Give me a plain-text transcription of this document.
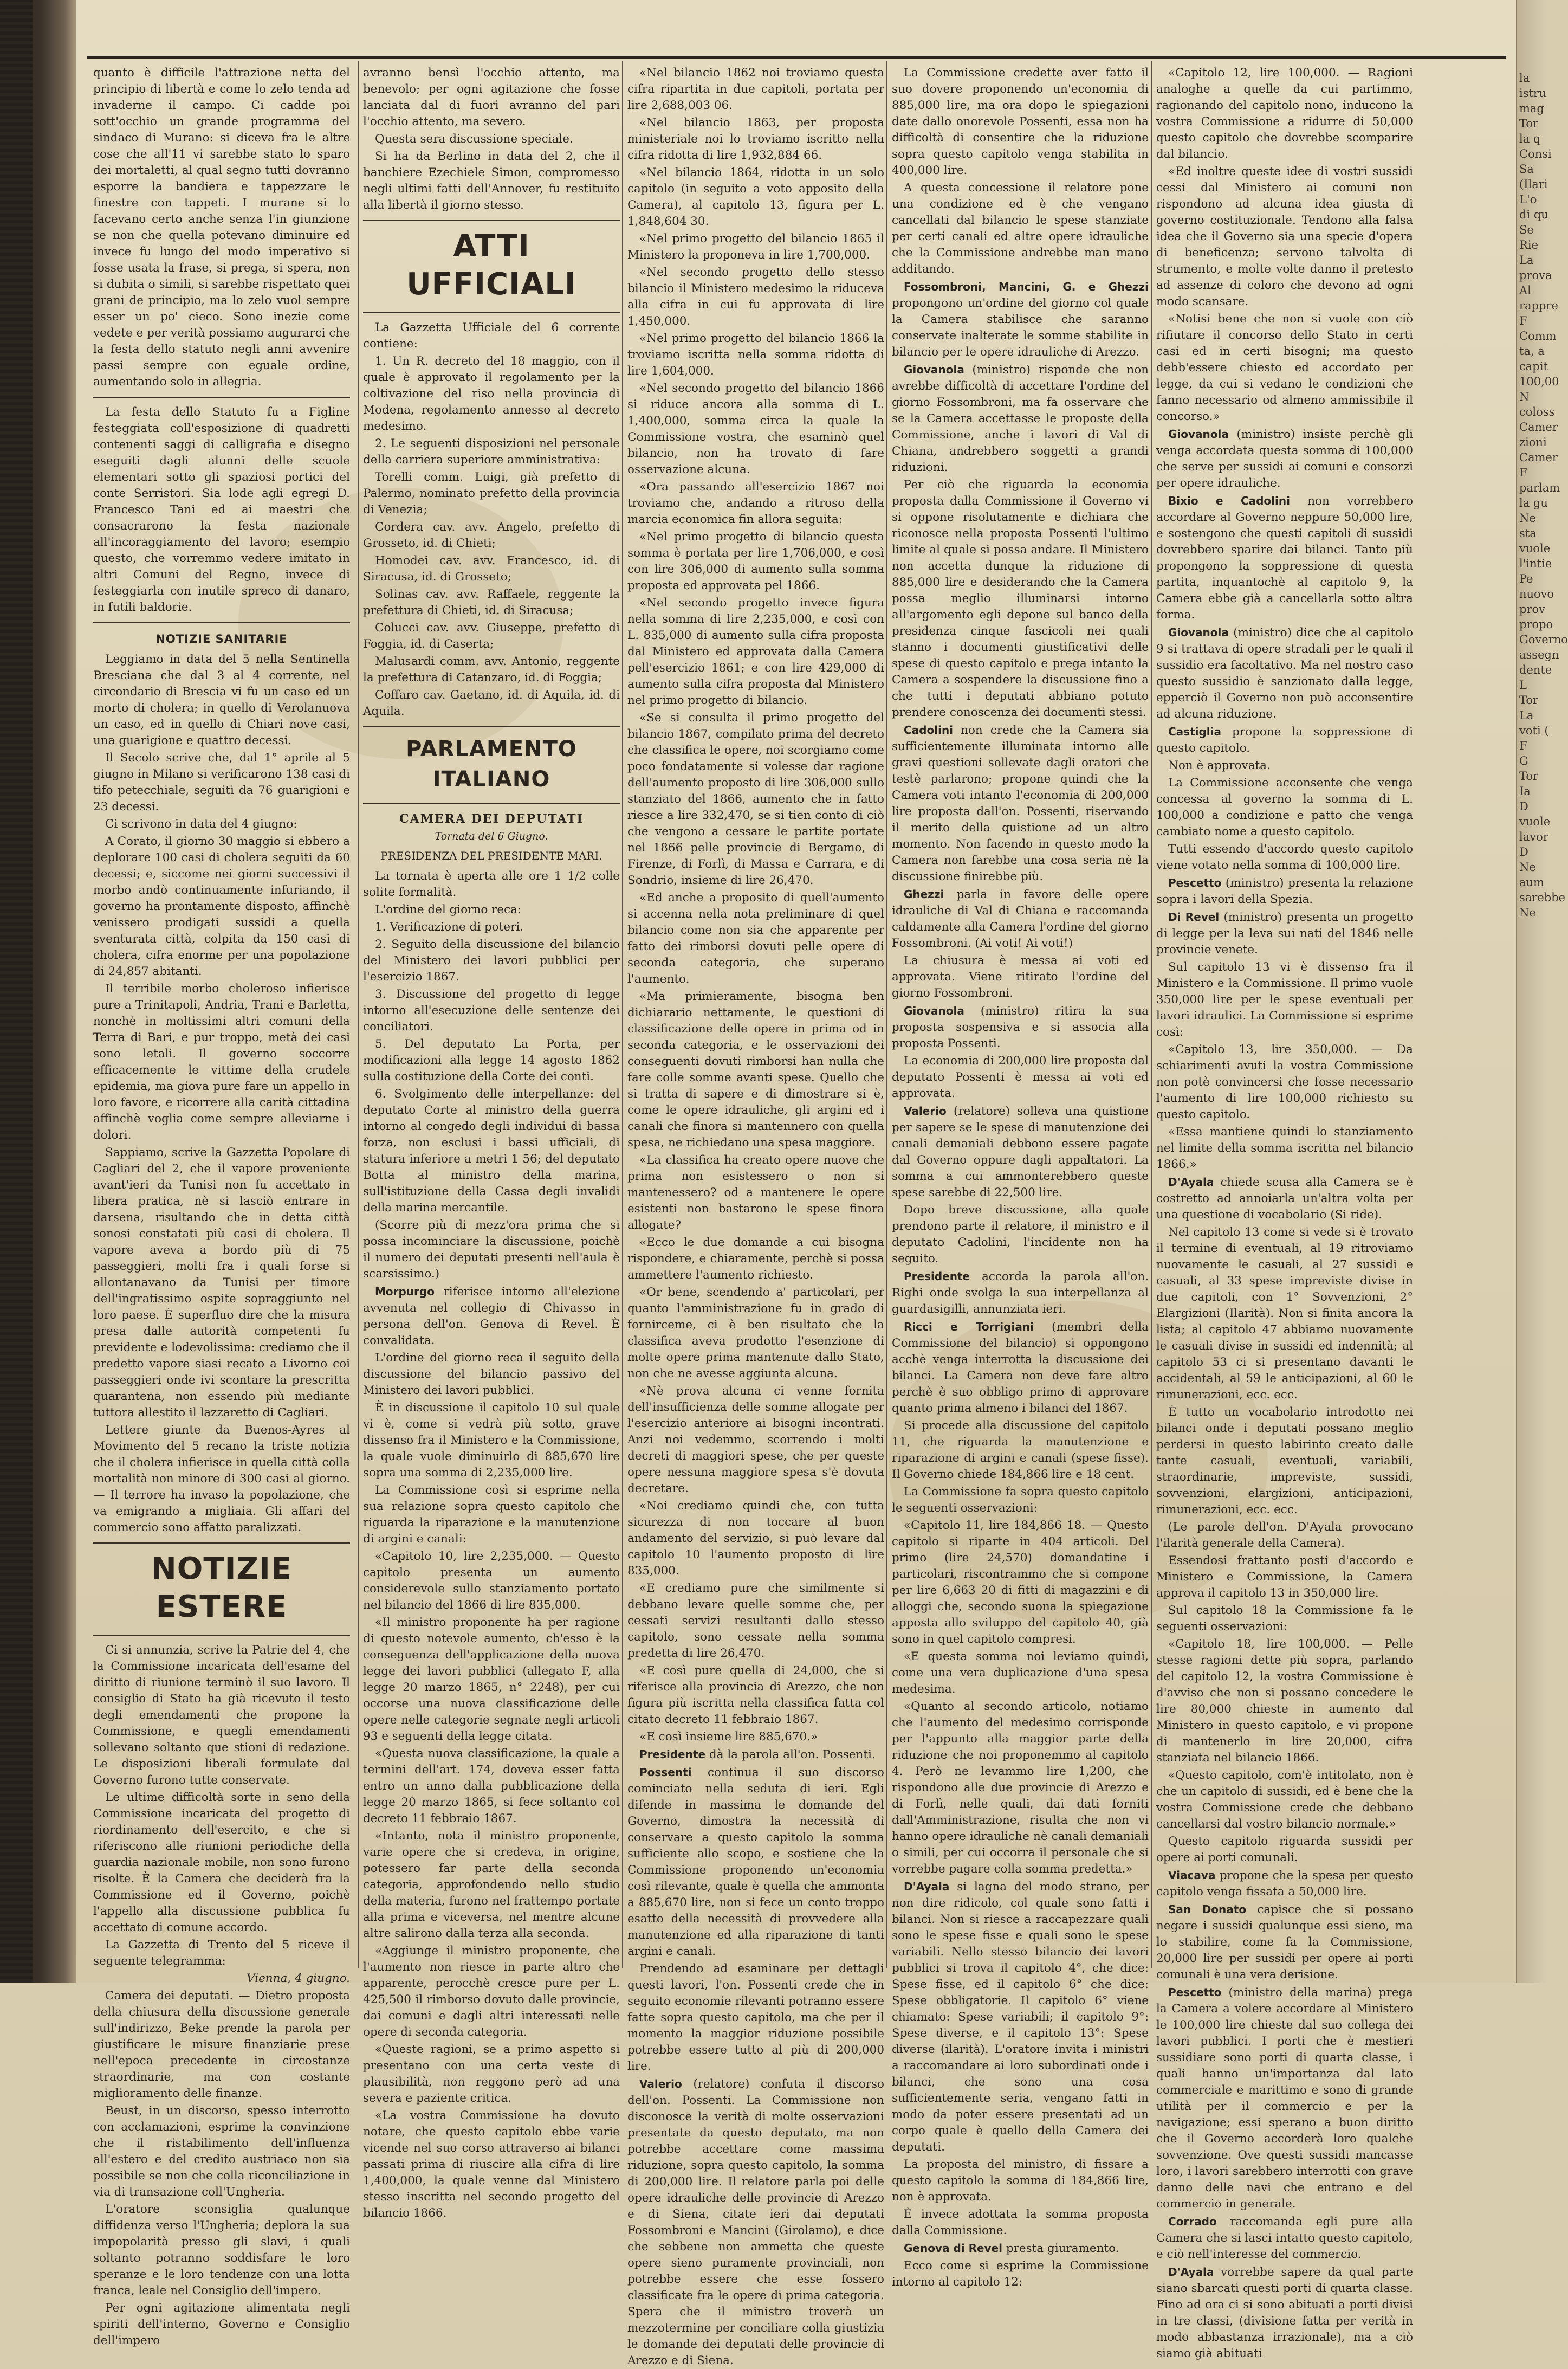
quanto è difficile l'attrazione netta del principio di libertà e come lo zelo tenda ad invaderne il campo. Ci cadde poi sott'occhio un grande programma del sindaco di Murano: si diceva fra le altre cose che all'11 vi sarebbe stato lo sparo dei mortaletti, al qual segno tutti dovranno esporre la bandiera e tappezzare le finestre con tappeti. I murane si lo facevano certo anche senza l'in giunzione se non che quella potevano diminuire ed invece fu lungo del modo imperativo si fosse usata la frase, si prega, si spera, non si dubita o simili, si sarebbe rispettato quei grani de principio, ma lo zelo vuol sempre esser un po' cieco. Sono inezie come vedete e per verità possiamo augurarci che la festa dello statuto negli anni avvenire passi sempre con eguale ordine, aumentando solo in allegria.

La festa dello Statuto fu a Figline festeggiata coll'esposizione di quadretti contenenti saggi di calligrafia e disegno eseguiti dagli alunni delle scuole elementari sotto gli spaziosi portici del conte Serristori. Sia lode agli egregi D. Francesco Tani ed ai maestri che consacrarono la festa nazionale all'incoraggiamento del lavoro; esempio questo, che vorremmo vedere imitato in altri Comuni del Regno, invece di festeggiarla con inutile spreco di danaro, in futili baldorie.

NOTIZIE SANITARIE

Leggiamo in data del 5 nella Sentinella Bresciana che dal 3 al 4 corrente, nel circondario di Brescia vi fu un caso ed un morto di cholera; in quello di Verolanuova un caso, ed in quello di Chiari nove casi, una guarigione e quattro decessi.

Il Secolo scrive che, dal 1° aprile al 5 giugno in Milano si verificarono 138 casi di tifo petecchiale, seguiti da 76 guarigioni e 23 decessi.

Ci scrivono in data del 4 giugno:

A Corato, il giorno 30 maggio si ebbero a deplorare 100 casi di cholera seguiti da 60 decessi; e, siccome nei giorni successivi il morbo andò continuamente infuriando, il governo ha prontamente disposto, affinchè venissero prodigati sussidi a quella sventurata città, colpita da 150 casi di cholera, cifra enorme per una popolazione di 24,857 abitanti.

Il terribile morbo choleroso infierisce pure a Trinitapoli, Andria, Trani e Barletta, nonchè in moltissimi altri comuni della Terra di Bari, e pur troppo, metà dei casi sono letali. Il governo soccorre efficacemente le vittime della crudele epidemia, ma giova pure fare un appello in loro favore, e ricorrere alla carità cittadina affinchè voglia come sempre alleviarne i dolori.

Sappiamo, scrive la Gazzetta Popolare di Cagliari del 2, che il vapore proveniente avant'ieri da Tunisi non fu accettato in libera pratica, nè si lasciò entrare in darsena, risultando che in detta città sonosi constatati più casi di cholera. Il vapore aveva a bordo più di 75 passeggieri, molti fra i quali forse si allontanavano da Tunisi per timore dell'ingratissimo ospite sopraggiunto nel loro paese. È superfluo dire che la misura presa dalle autorità competenti fu previdente e lodevolissima: crediamo che il predetto vapore siasi recato a Livorno coi passeggieri onde ivi scontare la prescritta quarantena, non essendo più mediante tuttora allestito il lazzaretto di Cagliari.

Lettere giunte da Buenos-Ayres al Movimento del 5 recano la triste notizia che il cholera infierisce in quella città colla mortalità non minore di 300 casi al giorno. — Il terrore ha invaso la popolazione, che va emigrando a migliaia. Gli affari del commercio sono affatto paralizzati.

NOTIZIE ESTERE

Ci si annunzia, scrive la Patrie del 4, che la Commissione incaricata dell'esame del diritto di riunione terminò il suo lavoro. Il consiglio di Stato ha già ricevuto il testo degli emendamenti che propone la Commissione, e quegli emendamenti sollevano soltanto que stioni di redazione. Le disposizioni liberali formulate dal Governo furono tutte conservate.

Le ultime difficoltà sorte in seno della Commissione incaricata del progetto di riordinamento dell'esercito, e che si riferiscono alle riunioni periodiche della guardia nazionale mobile, non sono furono risolte. È la Camera che deciderà fra la Commissione ed il Governo, poichè l'appello alla discussione pubblica fu accettato di comune accordo.

La Gazzetta di Trento del 5 riceve il seguente telegramma:

Vienna, 4 giugno.

Camera dei deputati. — Dietro proposta della chiusura della discussione generale sull'indirizzo, Beke prende la parola per giustificare le misure finanziarie prese nell'epoca precedente in circostanze straordinarie, ma con costante miglioramento delle finanze.

Beust, in un discorso, spesso interrotto con acclamazioni, esprime la convinzione che il ristabilimento dell'influenza all'estero e del credito austriaco non sia possibile se non che colla riconciliazione in via di transazione coll'Ungheria.

L'oratore sconsiglia qualunque diffidenza verso l'Ungheria; deplora la sua impopolarità presso gli slavi, i quali soltanto potranno soddisfare le loro speranze e le loro tendenze con una lotta franca, leale nel Consiglio dell'impero.

Per ogni agitazione alimentata negli spiriti dell'interno, Governo e Consiglio dell'impero

avranno bensì l'occhio attento, ma benevolo; per ogni agitazione che fosse lanciata dal di fuori avranno del pari l'occhio attento, ma severo.

Questa sera discussione speciale.

Si ha da Berlino in data del 2, che il banchiere Ezechiele Simon, compromesso negli ultimi fatti dell'Annover, fu restituito alla libertà il giorno stesso.

ATTI UFFICIALI

La Gazzetta Ufficiale del 6 corrente contiene:

1. Un R. decreto del 18 maggio, con il quale è approvato il regolamento per la coltivazione del riso nella provincia di Modena, regolamento annesso al decreto medesimo.

2. Le seguenti disposizioni nel personale della carriera superiore amministrativa:

Torelli comm. Luigi, già prefetto di Palermo, nominato prefetto della provincia di Venezia;

Cordera cav. avv. Angelo, prefetto di Grosseto, id. di Chieti;

Homodei cav. avv. Francesco, id. di Siracusa, id. di Grosseto;

Solinas cav. avv. Raffaele, reggente la prefettura di Chieti, id. di Siracusa;

Colucci cav. avv. Giuseppe, prefetto di Foggia, id. di Caserta;

Malusardi comm. avv. Antonio, reggente la prefettura di Catanzaro, id. di Foggia;

Coffaro cav. Gaetano, id. di Aquila, id. di Aquila.

PARLAMENTO ITALIANO
CAMERA DEI DEPUTATI
Tornata del 6 Giugno.
PRESIDENZA DEL PRESIDENTE MARI.

La tornata è aperta alle ore 1 1/2 colle solite formalità.

L'ordine del giorno reca:

1. Verificazione di poteri.

2. Seguito della discussione del bilancio del Ministero dei lavori pubblici per l'esercizio 1867.

3. Discussione del progetto di legge intorno all'esecuzione delle sentenze dei conciliatori.

5. Del deputato La Porta, per modificazioni alla legge 14 agosto 1862 sulla costituzione della Corte dei conti.

6. Svolgimento delle interpellanze: del deputato Corte al ministro della guerra intorno al congedo degli individui di bassa forza, non esclusi i bassi ufficiali, di statura inferiore a metri 1 56; del deputato Botta al ministro della marina, sull'istituzione della Cassa degli invalidi della marina mercantile.

(Scorre più di mezz'ora prima che si possa incominciare la discussione, poichè il numero dei deputati presenti nell'aula è scarsissimo.)

Morpurgo riferisce intorno all'elezione avvenuta nel collegio di Chivasso in persona dell'on. Genova di Revel. È convalidata.

L'ordine del giorno reca il seguito della discussione del bilancio passivo del Ministero dei lavori pubblici.

È in discussione il capitolo 10 sul quale vi è, come si vedrà più sotto, grave dissenso fra il Ministero e la Commissione, la quale vuole diminuirlo di 885,670 lire sopra una somma di 2,235,000 lire.

La Commissione così si esprime nella sua relazione sopra questo capitolo che riguarda la riparazione e la manutenzione di argini e canali:

«Capitolo 10, lire 2,235,000. — Questo capitolo presenta un aumento considerevole sullo stanziamento portato nel bilancio del 1866 di lire 835,000.

«Il ministro proponente ha per ragione di questo notevole aumento, ch'esso è la conseguenza dell'applicazione della nuova legge dei lavori pubblici (allegato F, alla legge 20 marzo 1865, n° 2248), per cui occorse una nuova classificazione delle opere nelle categorie segnate negli articoli 93 e seguenti della legge citata.

«Questa nuova classificazione, la quale a termini dell'art. 174, doveva esser fatta entro un anno dalla pubblicazione della legge 20 marzo 1865, si fece soltanto col decreto 11 febbraio 1867.

«Intanto, nota il ministro proponente, varie opere che si credeva, in origine, potessero far parte della seconda categoria, approfondendo nello studio della materia, furono nel frattempo portate alla prima e viceversa, nel mentre alcune altre salirono dalla terza alla seconda.

«Aggiunge il ministro proponente, che l'aumento non riesce in parte altro che apparente, perocchè cresce pure per L. 425,500 il rimborso dovuto dalle provincie, dai comuni e dagli altri interessati nelle opere di seconda categoria.

«Queste ragioni, se a primo aspetto si presentano con una certa veste di plausibilità, non reggono però ad una severa e paziente critica.

«La vostra Commissione ha dovuto notare, che questo capitolo ebbe varie vicende nel suo corso attraverso ai bilanci passati prima di riuscire alla cifra di lire 1,400,000, la quale venne dal Ministero stesso inscritta nel secondo progetto del bilancio 1866.

«Nel bilancio 1862 noi troviamo questa cifra ripartita in due capitoli, portata per lire 2,688,003 06.

«Nel bilancio 1863, per proposta ministeriale noi lo troviamo iscritto nella cifra ridotta di lire 1,932,884 66.

«Nel bilancio 1864, ridotta in un solo capitolo (in seguito a voto apposito della Camera), al capitolo 13, figura per L. 1,848,604 30.

«Nel primo progetto del bilancio 1865 il Ministero la proponeva in lire 1,700,000.

«Nel secondo progetto dello stesso bilancio il Ministero medesimo la riduceva alla cifra in cui fu approvata di lire 1,450,000.

«Nel primo progetto del bilancio 1866 la troviamo iscritta nella somma ridotta di lire 1,604,000.

«Nel secondo progetto del bilancio 1866 si riduce ancora alla somma di L. 1,400,000, somma circa la quale la Commissione vostra, che esaminò quel bilancio, non ha trovato di fare osservazione alcuna.

«Ora passando all'esercizio 1867 noi troviamo che, andando a ritroso della marcia economica fin allora seguita:

«Nel primo progetto di bilancio questa somma è portata per lire 1,706,000, e così con lire 306,000 di aumento sulla somma proposta ed approvata pel 1866.

«Nel secondo progetto invece figura nella somma di lire 2,235,000, e così con L. 835,000 di aumento sulla cifra proposta dal Ministero ed approvata dalla Camera pell'esercizio 1861; e con lire 429,000 di aumento sulla cifra proposta dal Ministero nel primo progetto di bilancio.

«Se si consulta il primo progetto del bilancio 1867, compilato prima del decreto che classifica le opere, noi scorgiamo come poco fondatamente si volesse dar ragione dell'aumento proposto di lire 306,000 sullo stanziato del 1866, aumento che in fatto riesce a lire 332,470, se si tien conto di ciò che vengono a cessare le partite portate nel 1866 pelle provincie di Bergamo, di Firenze, di Forlì, di Massa e Carrara, e di Sondrio, insieme di lire 26,470.

«Ed anche a proposito di quell'aumento si accenna nella nota preliminare di quel bilancio come non sia che apparente per fatto dei rimborsi dovuti pelle opere di seconda categoria, che superano l'aumento.

«Ma primieramente, bisogna ben dichiarario nettamente, le questioni di classificazione delle opere in prima od in seconda categoria, e le osservazioni dei conseguenti dovuti rimborsi han nulla che fare colle somme avanti spese. Quello che si tratta di sapere e di dimostrare si è, come le opere idrauliche, gli argini ed i canali che finora si mantennero con quella spesa, ne richiedano una spesa maggiore.

«La classifica ha creato opere nuove che prima non esistessero o non si mantenessero? od a mantenere le opere esistenti non bastarono le spese finora allogate?

«Ecco le due domande a cui bisogna rispondere, e chiaramente, perchè si possa ammettere l'aumento richiesto.

«Or bene, scendendo a' particolari, per quanto l'amministrazione fu in grado di fornirceme, ci è ben risultato che la classifica aveva prodotto l'esenzione di molte opere prima mantenute dallo Stato, non che ne avesse aggiunta alcuna.

«Nè prova alcuna ci venne fornita dell'insufficienza delle somme allogate per l'esercizio anteriore ai bisogni incontrati. Anzi noi vedemmo, scorrendo i molti decreti di maggiori spese, che per queste opere nessuna maggiore spesa s'è dovuta decretare.

«Noi crediamo quindi che, con tutta sicurezza di non toccare al buon andamento del servizio, si può levare dal capitolo 10 l'aumento proposto di lire 835,000.

«E crediamo pure che similmente si debbano levare quelle somme che, per cessati servizi resultanti dallo stesso capitolo, sono cessate nella somma predetta di lire 26,470.

«E così pure quella di 24,000, che si riferisce alla provincia di Arezzo, che non figura più iscritta nella classifica fatta col citato decreto 11 febbraio 1867.

«E così insieme lire 885,670.»

Presidente dà la parola all'on. Possenti.

Possenti continua il suo discorso cominciato nella seduta di ieri. Egli difende in massima le domande del Governo, dimostra la necessità di conservare a questo capitolo la somma sufficiente allo scopo, e sostiene che la Commissione proponendo un'economia così rilevante, quale è quella che ammonta a 885,670 lire, non si fece un conto troppo esatto della necessità di provvedere alla manutenzione ed alla riparazione di tanti argini e canali.

Prendendo ad esaminare per dettagli questi lavori, l'on. Possenti crede che in seguito economie rilevanti potranno essere fatte sopra questo capitolo, ma che per il momento la maggior riduzione possibile potrebbe essere tutto al più di 200,000 lire.

Valerio (relatore) confuta il discorso dell'on. Possenti. La Commissione non disconosce la verità di molte osservazioni presentate da questo deputato, ma non potrebbe accettare come massima riduzione, sopra questo capitolo, la somma di 200,000 lire. Il relatore parla poi delle opere idrauliche delle provincie di Arezzo e di Siena, citate ieri dai deputati Fossombroni e Mancini (Girolamo), e dice che sebbene non ammetta che queste opere sieno puramente provinciali, non potrebbe essere che esse fossero classificate fra le opere di prima categoria. Spera che il ministro troverà un mezzotermine per conciliare colla giustizia le domande dei deputati delle provincie di Arezzo e di Siena.

La Commissione credette aver fatto il suo dovere proponendo un'economia di 885,000 lire, ma ora dopo le spiegazioni date dallo onorevole Possenti, essa non ha difficoltà di consentire che la riduzione sopra questo capitolo venga stabilita in 400,000 lire.

A questa concessione il relatore pone una condizione ed è che vengano cancellati dal bilancio le spese stanziate per certi canali ed altre opere idrauliche che la Commissione andrebbe man mano additando.

Fossombroni, Mancini, G. e Ghezzi propongono un'ordine del giorno col quale la Camera stabilisce che saranno conservate inalterate le somme stabilite in bilancio per le opere idrauliche di Arezzo.

Giovanola (ministro) risponde che non avrebbe difficoltà di accettare l'ordine del giorno Fossombroni, ma fa osservare che se la Camera accettasse le proposte della Commissione, anche i lavori di Val di Chiana, andrebbero soggetti a grandi riduzioni.

Per ciò che riguarda la economia proposta dalla Commissione il Governo vi si oppone risolutamente e dichiara che riconosce nella proposta Possenti l'ultimo limite al quale si possa andare. Il Ministero non accetta dunque la riduzione di 885,000 lire e desiderando che la Camera possa meglio illuminarsi intorno all'argomento egli depone sul banco della presidenza cinque fascicoli nei quali stanno i documenti giustificativi delle spese di questo capitolo e prega intanto la Camera a sospendere la discussione fino a che tutti i deputati abbiano potuto prendere conoscenza dei documenti stessi.

Cadolini non crede che la Camera sia sufficientemente illuminata intorno alle gravi questioni sollevate dagli oratori che testè parlarono; propone quindi che la Camera voti intanto l'economia di 200,000 lire proposta dall'on. Possenti, riservando il merito della quistione ad un altro momento. Non facendo in questo modo la Camera non farebbe una cosa seria nè la discussione finirebbe più.

Ghezzi parla in favore delle opere idrauliche di Val di Chiana e raccomanda caldamente alla Camera l'ordine del giorno Fossombroni. (Ai voti! Ai voti!)

La chiusura è messa ai voti ed approvata. Viene ritirato l'ordine del giorno Fossombroni.

Giovanola (ministro) ritira la sua proposta sospensiva e si associa alla proposta Possenti.

La economia di 200,000 lire proposta dal deputato Possenti è messa ai voti ed approvata.

Valerio (relatore) solleva una quistione per sapere se le spese di manutenzione dei canali demaniali debbono essere pagate dal Governo oppure dagli appaltatori. La somma a cui ammonterebbero queste spese sarebbe di 22,500 lire.

Dopo breve discussione, alla quale prendono parte il relatore, il ministro e il deputato Cadolini, l'incidente non ha seguito.

Presidente accorda la parola all'on. Righi onde svolga la sua interpellanza al guardasigilli, annunziata ieri.

Ricci e Torrigiani (membri della Commissione del bilancio) si oppongono acchè venga interrotta la discussione dei bilanci. La Camera non deve fare altro perchè è suo obbligo primo di approvare quanto prima almeno i bilanci del 1867.

Si procede alla discussione del capitolo 11, che riguarda la manutenzione e riparazione di argini e canali (spese fisse). Il Governo chiede 184,866 lire e 18 cent.

La Commissione fa sopra questo capitolo le seguenti osservazioni:

«Capitolo 11, lire 184,866 18. — Questo capitolo si riparte in 404 articoli. Del primo (lire 24,570) domandatine i particolari, riscontrammo che si compone per lire 6,663 20 di fitti di magazzini e di alloggi che, secondo suona la spiegazione apposta allo sviluppo del capitolo 40, già sono in quel capitolo compresi.

«E questa somma noi leviamo quindi, come una vera duplicazione d'una spesa medesima.

«Quanto al secondo articolo, notiamo che l'aumento del medesimo corrisponde per l'appunto alla maggior parte della riduzione che noi proponemmo al capitolo 4. Però ne levammo lire 1,200, che rispondono alle due provincie di Arezzo e di Forlì, nelle quali, dai dati forniti dall'Amministrazione, risulta che non vi hanno opere idrauliche nè canali demaniali o simili, per cui occorra il personale che si vorrebbe pagare colla somma predetta.»

D'Ayala si lagna del modo strano, per non dire ridicolo, col quale sono fatti i bilanci. Non si riesce a raccapezzare quali sono le spese fisse e quali sono le spese variabili. Nello stesso bilancio dei lavori pubblici si trova il capitolo 4°, che dice: Spese fisse, ed il capitolo 6° che dice: Spese obbligatorie. Il capitolo 6° viene chiamato: Spese variabili; il capitolo 9°: Spese diverse, e il capitolo 13°: Spese diverse (ilarità). L'oratore invita i ministri a raccomandare ai loro subordinati onde i bilanci, che sono una cosa sufficientemente seria, vengano fatti in modo da poter essere presentati ad un corpo quale è quello della Camera dei deputati.

La proposta del ministro, di fissare a questo capitolo la somma di 184,866 lire, non è approvata.

È invece adottata la somma proposta dalla Commissione.

Genova di Revel presta giuramento.

Ecco come si esprime la Commissione intorno al capitolo 12:

«Capitolo 12, lire 100,000. — Ragioni analoghe a quelle da cui partimmo, ragionando del capitolo nono, inducono la vostra Commissione a ridurre di 50,000 questo capitolo che dovrebbe scomparire dal bilancio.

«Ed inoltre queste idee di vostri sussidi cessi dal Ministero ai comuni non rispondono ad alcuna idea giusta di governo costituzionale. Tendono alla falsa idea che il Governo sia una specie d'opera di beneficenza; servono talvolta di strumento, e molte volte danno il pretesto ad assenze di coloro che devono ad ogni modo scansare.

«Notisi bene che non si vuole con ciò rifiutare il concorso dello Stato in certi casi ed in certi bisogni; ma questo debb'essere chiesto ed accordato per legge, da cui si vedano le condizioni che fanno necessario od almeno ammissibile il concorso.»

Giovanola (ministro) insiste perchè gli venga accordata questa somma di 100,000 che serve per sussidi ai comuni e consorzi per opere idrauliche.

Bixio e Cadolini non vorrebbero accordare al Governo neppure 50,000 lire, e sostengono che questi capitoli di sussidi dovrebbero sparire dai bilanci. Tanto più propongono la soppressione di questa partita, inquantochè al capitolo 9, la Camera ebbe già a cancellarla sotto altra forma.

Giovanola (ministro) dice che al capitolo 9 si trattava di opere stradali per le quali il sussidio era facoltativo. Ma nel nostro caso questo sussidio è sanzionato dalla legge, epperciò il Governo non può acconsentire ad alcuna riduzione.

Castiglia propone la soppressione di questo capitolo.

Non è approvata.

La Commissione acconsente che venga concessa al governo la somma di L. 100,000 a condizione e patto che venga cambiato nome a questo capitolo.

Tutti essendo d'accordo questo capitolo viene votato nella somma di 100,000 lire.

Pescetto (ministro) presenta la relazione sopra i lavori della Spezia.

Di Revel (ministro) presenta un progetto di legge per la leva sui nati del 1846 nelle provincie venete.

Sul capitolo 13 vi è dissenso fra il Ministero e la Commissione. Il primo vuole 350,000 lire per le spese eventuali per lavori idraulici. La Commissione si esprime così:

«Capitolo 13, lire 350,000. — Da schiarimenti avuti la vostra Commissione non potè convincersi che fosse necessario l'aumento di lire 100,000 richiesto su questo capitolo.

«Essa mantiene quindi lo stanziamento nel limite della somma iscritta nel bilancio 1866.»

D'Ayala chiede scusa alla Camera se è costretto ad annoiarla un'altra volta per una questione di vocabolario (Si ride).

Nel capitolo 13 come si vede si è trovato il termine di eventuali, al 19 ritroviamo nuovamente le casuali, al 27 sussidi e casuali, al 33 spese impreviste divise in due capitoli, con 1° Sovvenzioni, 2° Elargizioni (Ilarità). Non si finita ancora la lista; al capitolo 47 abbiamo nuovamente le casuali divise in sussidi ed indennità; al capitolo 53 ci si presentano davanti le accidentali, al 59 le anticipazioni, al 60 le rimunerazioni, ecc. ecc.

È tutto un vocabolario introdotto nei bilanci onde i deputati possano meglio perdersi in questo labirinto creato dalle tante casuali, eventuali, variabili, straordinarie, impreviste, sussidi, sovvenzioni, elargizioni, anticipazioni, rimunerazioni, ecc. ecc.

(Le parole dell'on. D'Ayala provocano l'ilarità generale della Camera).

Essendosi frattanto posti d'accordo e Ministero e Commissione, la Camera approva il capitolo 13 in 350,000 lire.

Sul capitolo 18 la Commissione fa le seguenti osservazioni:

«Capitolo 18, lire 100,000. — Pelle stesse ragioni dette più sopra, parlando del capitolo 12, la vostra Commissione è d'avviso che non si possano concedere le lire 80,000 chieste in aumento dal Ministero in questo capitolo, e vi propone di mantenerlo in lire 20,000, cifra stanziata nel bilancio 1866.

«Questo capitolo, com'è intitolato, non è che un capitolo di sussidi, ed è bene che la vostra Commissione crede che debbano cancellarsi dal vostro bilancio normale.»

Questo capitolo riguarda sussidi per opere ai porti comunali.

Viacava propone che la spesa per questo capitolo venga fissata a 50,000 lire.

San Donato capisce che si possano negare i sussidi qualunque essi sieno, ma lo stabilire, come fa la Commissione, 20,000 lire per sussidi per opere ai porti comunali è una vera derisione.

Pescetto (ministro della marina) prega la Camera a volere accordare al Ministero le 100,000 lire chieste dal suo collega dei lavori pubblici. I porti che è mestieri sussidiare sono porti di quarta classe, i quali hanno un'importanza dal lato commerciale e marittimo e sono di grande utilità per il commercio e per la navigazione; essi sperano a buon diritto che il Governo accorderà loro qualche sovvenzione. Ove questi sussidi mancasse loro, i lavori sarebbero interrotti con grave danno delle navi che entrano e del commercio in generale.

Corrado raccomanda egli pure alla Camera che si lasci intatto questo capitolo, e ciò nell'interesse del commercio.

D'Ayala vorrebbe sapere da qual parte siano sbarcati questi porti di quarta classe. Fino ad ora ci si sono abituati a porti divisi in tre classi, (divisione fatta per verità in modo abbastanza irrazionale), ma a ciò siamo già abituati

la
istru
mag
Tor
la q
Consi
Sa
(Ilari
L'o
di qu
Se
Rie
La
prova
Al
rappre
F
Comm
ta, a
capit
100,00
N
coloss
Camer
zioni
Camer
F
parlam
la gu
Ne
sta
vuole
l'intie
Pe
nuovo
prov
propo
Governo
assegn
dente
L
Tor
La
voti (
F
G
Tor
Ia
D
vuole
lavor
D
Ne
aum
sarebbe
Ne
